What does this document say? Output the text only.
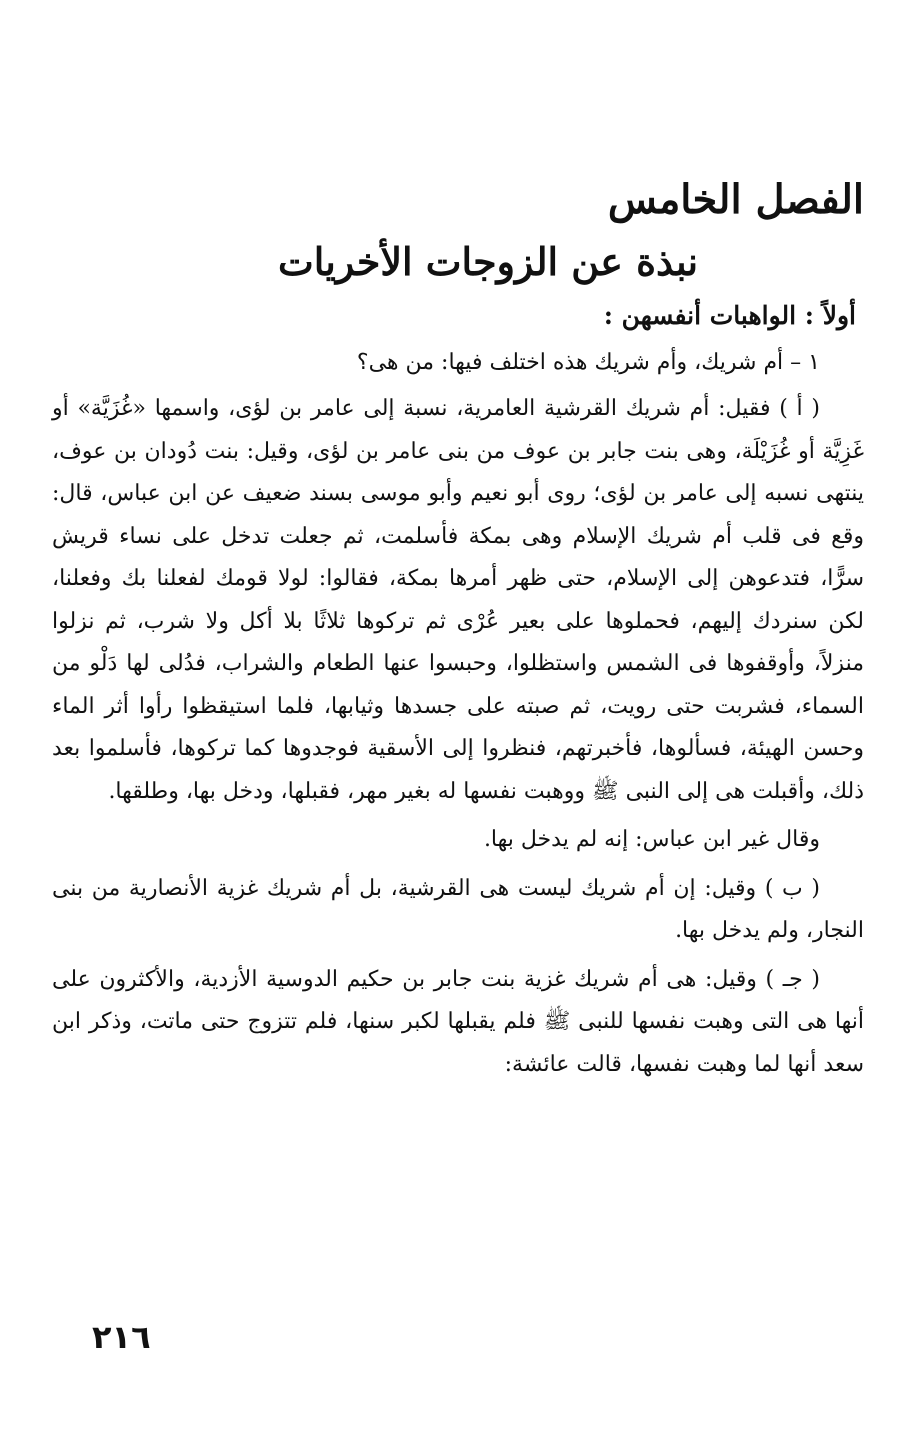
الفصل الخامس
نبذة عن الزوجات الأخريات
أولاً : الواهبات أنفسهن :

١ – أم شريك، وأم شريك هذه اختلف فيها: من هى؟

( أ ) فقيل: أم شريك القرشية العامرية، نسبة إلى عامر بن لؤى، واسمها «غُزَيَّة» أو غَزِيَّة أو غُزَيْلَة، وهى بنت جابر بن عوف من بنى عامر بن لؤى، وقيل: بنت دُودان بن عوف، ينتهى نسبه إلى عامر بن لؤى؛ روى أبو نعيم وأبو موسى بسند ضعيف عن ابن عباس، قال: وقع فى قلب أم شريك الإسلام وهى بمكة فأسلمت، ثم جعلت تدخل على نساء قريش سرًّا، فتدعوهن إلى الإسلام، حتى ظهر أمرها بمكة، فقالوا: لولا قومك لفعلنا بك وفعلنا، لكن سنردك إليهم، فحملوها على بعير عُرْى ثم تركوها ثلاثًا بلا أكل ولا شرب، ثم نزلوا منزلاً، وأوقفوها فى الشمس واستظلوا، وحبسوا عنها الطعام والشراب، فدُلى لها دَلْو من السماء، فشربت حتى رويت، ثم صبته على جسدها وثيابها، فلما استيقظوا رأوا أثر الماء وحسن الهيئة، فسألوها، فأخبرتهم، فنظروا إلى الأسقية فوجدوها كما تركوها، فأسلموا بعد ذلك، وأقبلت هى إلى النبى ﷺ ووهبت نفسها له بغير مهر، فقبلها، ودخل بها، وطلقها.

وقال غير ابن عباس: إنه لم يدخل بها.

( ب ) وقيل: إن أم شريك ليست هى القرشية، بل أم شريك غزية الأنصارية من بنى النجار، ولم يدخل بها.

( جـ ) وقيل: هى أم شريك غزية بنت جابر بن حكيم الدوسية الأزدية، والأكثرون على أنها هى التى وهبت نفسها للنبى ﷺ فلم يقبلها لكبر سنها، فلم تتزوج حتى ماتت، وذكر ابن سعد أنها لما وهبت نفسها، قالت عائشة:

٢١٦
